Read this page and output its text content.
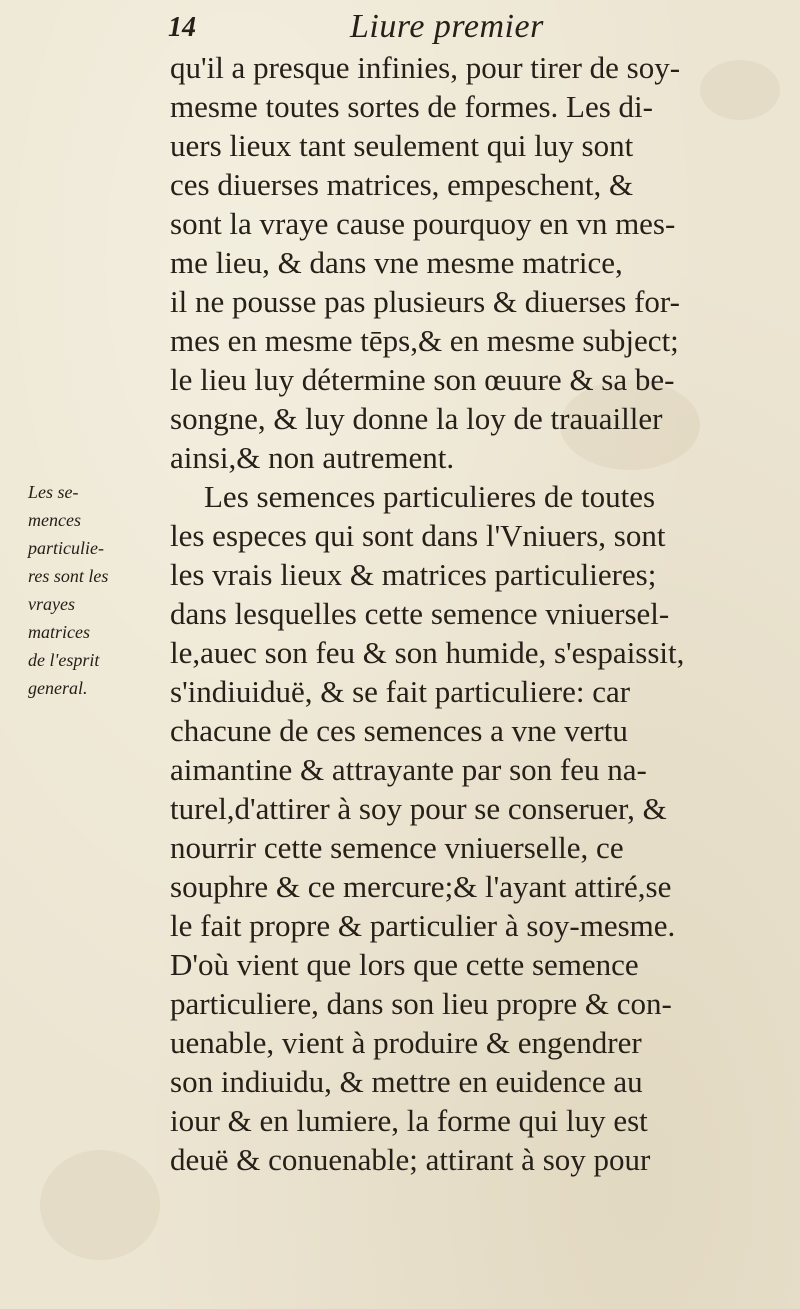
14	Liure premier
Les se-
mences
particulie-
res sont les
vrayes
matrices
de l'esprit
general.
qu'il a presque infinies, pour tirer de soy-
mesme toutes sortes de formes. Les di-
uers lieux tant seulement qui luy sont
ces diuerses matrices, empeschent, &
sont la vraye cause pourquoy en vn mes-
me lieu, & dans vne mesme matrice,
il ne pousse pas plusieurs & diuerses for-
mes en mesme tēps,& en mesme subject;
le lieu luy détermine son œuure & sa be-
songne, & luy donne la loy de trauailler
ainsi,& non autrement.
Les semences particulieres de toutes
les especes qui sont dans l'Vniuers, sont
les vrais lieux & matrices particulieres;
dans lesquelles cette semence vniuersel-
le,auec son feu & son humide, s'espaissit,
s'indiuiduë, & se fait particuliere: car
chacune de ces semences a vne vertu
aimantine & attrayante par son feu na-
turel,d'attirer à soy pour se conseruer, &
nourrir cette semence vniuerselle, ce
souphre & ce mercure;& l'ayant attiré,se
le fait propre & particulier à soy-mesme.
D'où vient que lors que cette semence
particuliere, dans son lieu propre & con-
uenable, vient à produire & engendrer
son indiuidu, & mettre en euidence au
iour & en lumiere, la forme qui luy est
deuë & conuenable; attirant à soy pour
